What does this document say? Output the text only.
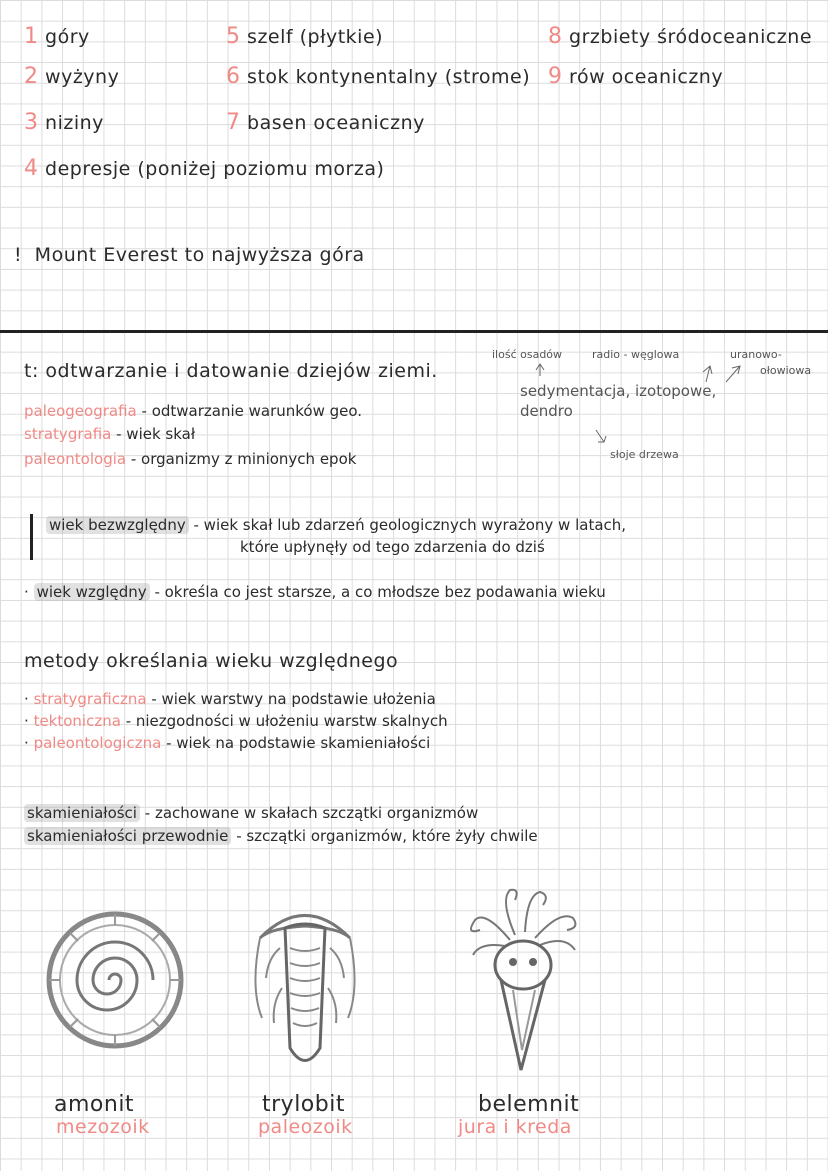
1 góry
2 wyżyny
3 niziny
4 depresje (poniżej poziomu morza)
5 szelf (płytkie)
6 stok kontynentalny (strome)
7 basen oceaniczny
8 grzbiety śródoceaniczne
9 rów oceaniczny
! Mount Everest to najwyższa góra
t: odtwarzanie i datowanie dziejów ziemi.
paleogeografia - odtwarzanie warunków geo.
stratygrafia - wiek skał
paleontologia - organizmy z minionych epok
ilość osadów	radio - węglowa	uranowo-
ołowiowa
sedymentacja, izotopowe,
dendro
słoje drzewa
wiek bezwzględny - wiek skał lub zdarzeń geologicznych wyrażony w latach,
które upłynęły od tego zdarzenia do dziś
· wiek względny - określa co jest starsze, a co młodsze bez podawania wieku
metody określania wieku względnego
· stratygraficzna - wiek warstwy na podstawie ułożenia
· tektoniczna - niezgodności w ułożeniu warstw skalnych
· paleontologiczna - wiek na podstawie skamieniałości
skamieniałości - zachowane w skałach szczątki organizmów
skamieniałości przewodnie - szczątki organizmów, które żyły chwile
amonit
mezozoik
trylobit
paleozoik
belemnit
jura i kreda
